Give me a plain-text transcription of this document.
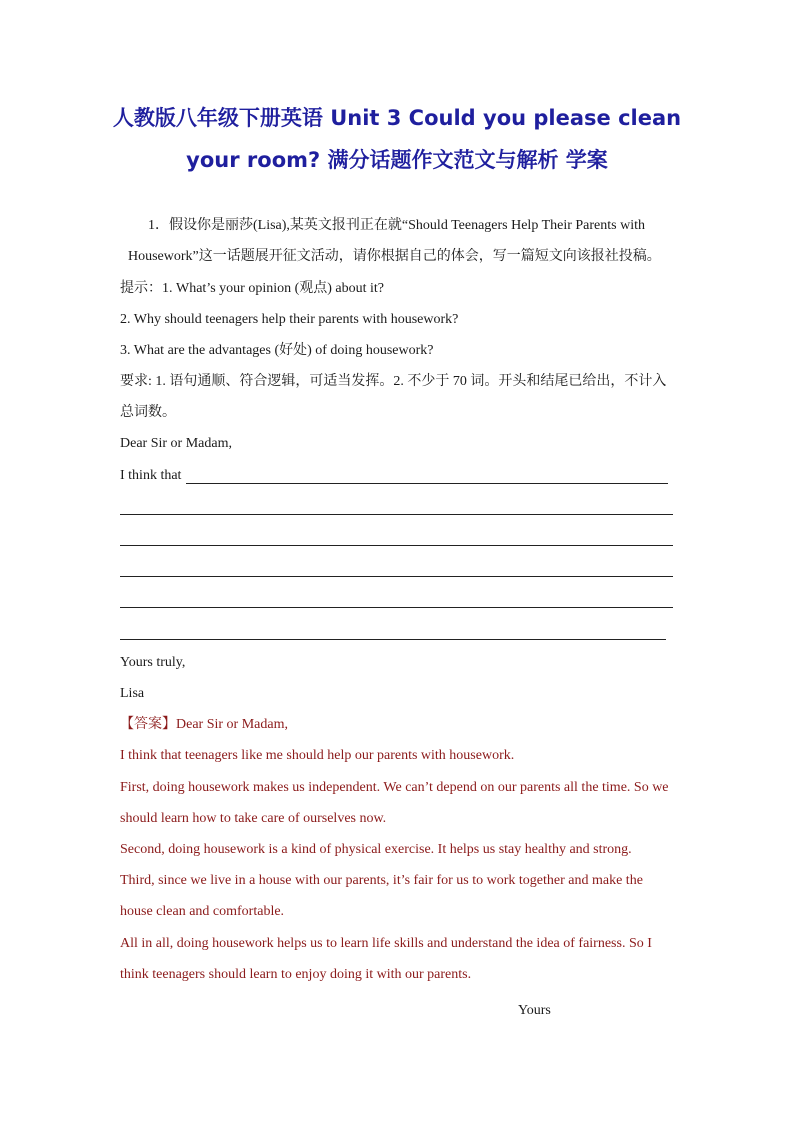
人教版八年级下册英语 Unit 3 Could you please clean
your room? 满分话题作文范文与解析 学案
1．假设你是丽莎(Lisa),某英文报刊正在就“Should Teenagers Help Their Parents with
Housework”这一话题展开征文活动，请你根据自己的体会，写一篇短文向该报社投稿。
提示：1. What’s your opinion (观点) about it?
2. Why should teenagers help their parents with housework?
3. What are the advantages (好处) of doing housework?
要求: 1. 语句通顺、符合逻辑，可适当发挥。2. 不少于 70 词。开头和结尾已给出，不计入
总词数。
Dear Sir or Madam,
I think that
Yours truly,
Lisa
【答案】Dear Sir or Madam,
I think that teenagers like me should help our parents with housework.
First, doing housework makes us independent. We can’t depend on our parents all the time. So we
should learn how to take care of ourselves now.
Second, doing housework is a kind of physical exercise. It helps us stay healthy and strong.
Third, since we live in a house with our parents, it’s fair for us to work together and make the
house clean and comfortable.
All in all, doing housework helps us to learn life skills and understand the idea of fairness. So I
think teenagers should learn to enjoy doing it with our parents.
Yours
